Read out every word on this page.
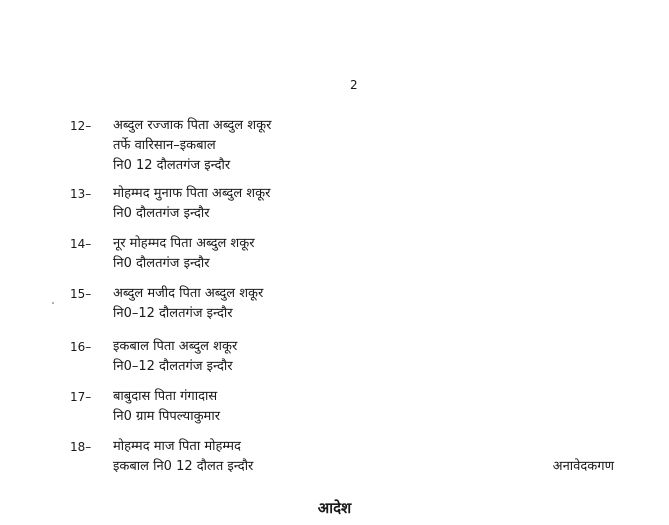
2
12– अब्दुल रज्जाक पिता अब्दुल शकूर
तर्फे वारिसान–इकबाल
नि0 12 दौलतगंज इन्दौर
13– मोहम्मद मुनाफ पिता अब्दुल शकूर
नि0 दौलतगंज इन्दौर
14– नूर मोहम्मद पिता अब्दुल शकूर
नि0 दौलतगंज इन्दौर
15– अब्दुल मजीद पिता अब्दुल शकूर
नि0–12 दौलतगंज इन्दौर
16– इकबाल पिता अब्दुल शकूर
नि0–12 दौलतगंज इन्दौर
17– बाबुदास पिता गंगादास
नि0 ग्राम पिपल्याकुमार
18– मोहम्मद माज पिता मोहम्मद
इकबाल नि0 12 दौलत इन्दौर	अनावेदकगण
आदेश
